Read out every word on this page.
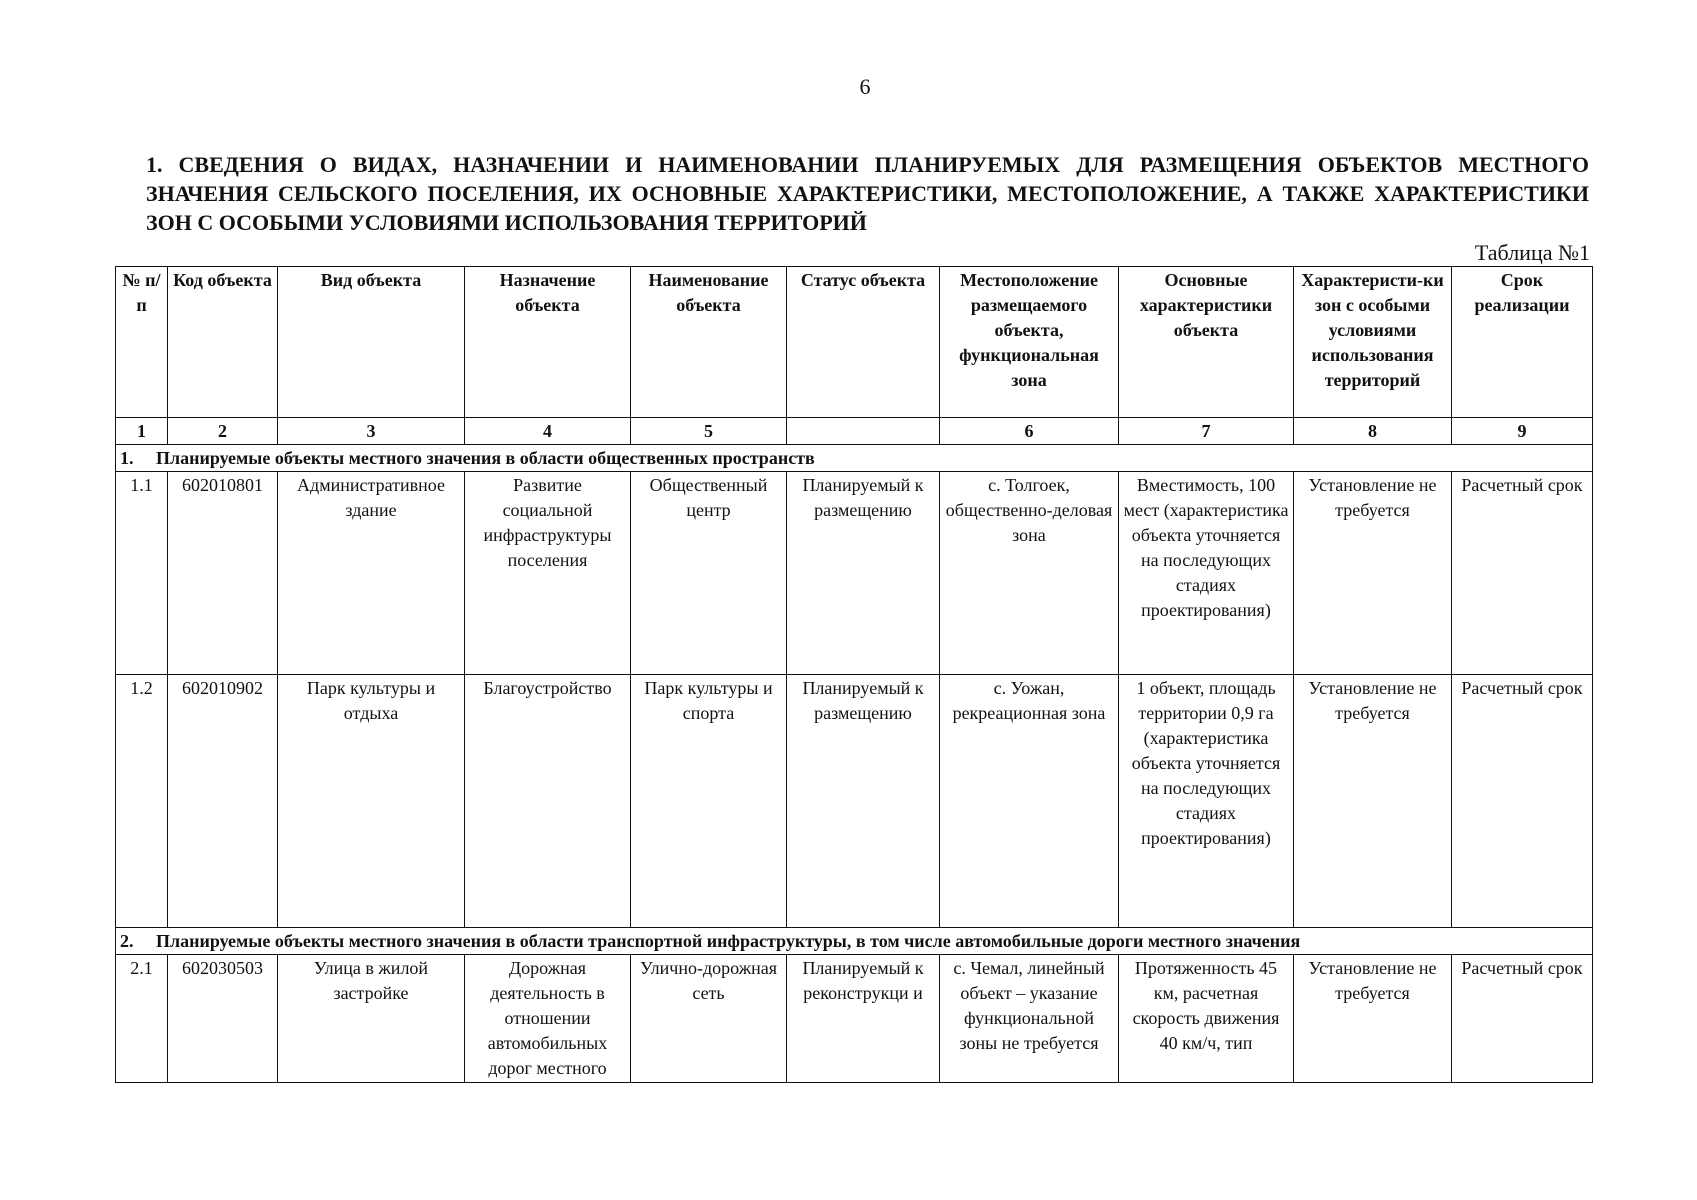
6
1. СВЕДЕНИЯ О ВИДАХ, НАЗНАЧЕНИИ И НАИМЕНОВАНИИ ПЛАНИРУЕМЫХ ДЛЯ РАЗМЕЩЕНИЯ ОБЪЕКТОВ МЕСТНОГО ЗНАЧЕНИЯ СЕЛЬСКОГО ПОСЕЛЕНИЯ, ИХ ОСНОВНЫЕ ХАРАКТЕРИСТИКИ, МЕСТОПОЛОЖЕНИЕ, А ТАКЖЕ ХАРАКТЕРИСТИКИ ЗОН С ОСОБЫМИ УСЛОВИЯМИ ИСПОЛЬЗОВАНИЯ ТЕРРИТОРИЙ
Таблица №1
№ п/п	Код объекта	Вид объекта	Назначение объекта	Наименование объекта	Статус объекта	Местоположение размещаемого объекта, функциональная зона	Основные характеристики объекта	Характеристи-ки зон с особыми условиями использования территорий	Срок реализации
1	2	3	4	5		6	7	8	9
1. Планируемые объекты местного значения в области общественных пространств									
1.1	602010801	Административное здание	Развитие социальной инфраструктуры поселения	Общественный центр	Планируемый к размещению	с. Толгоек, общественно-деловая зона	Вместимость, 100 мест (характеристика объекта уточняется на последующих стадиях проектирования)	Установление не требуется	Расчетный срок
1.2	602010902	Парк культуры и отдыха	Благоустройство	Парк культуры и спорта	Планируемый к размещению	с. Уожан, рекреационная зона	1 объект, площадь территории 0,9 га (характеристика объекта уточняется на последующих стадиях проектирования)	Установление не требуется	Расчетный срок
2. Планируемые объекты местного значения в области транспортной инфраструктуры, в том числе автомобильные дороги местного значения									
2.1	602030503	Улица в жилой застройке	Дорожная деятельность в отношении автомобильных дорог местного	Улично-дорожная сеть	Планируемый к реконструкци и	с. Чемал, линейный объект – указание функциональной зоны не требуется	Протяженность 45 км, расчетная скорость движения 40 км/ч, тип	Установление не требуется	Расчетный срок
